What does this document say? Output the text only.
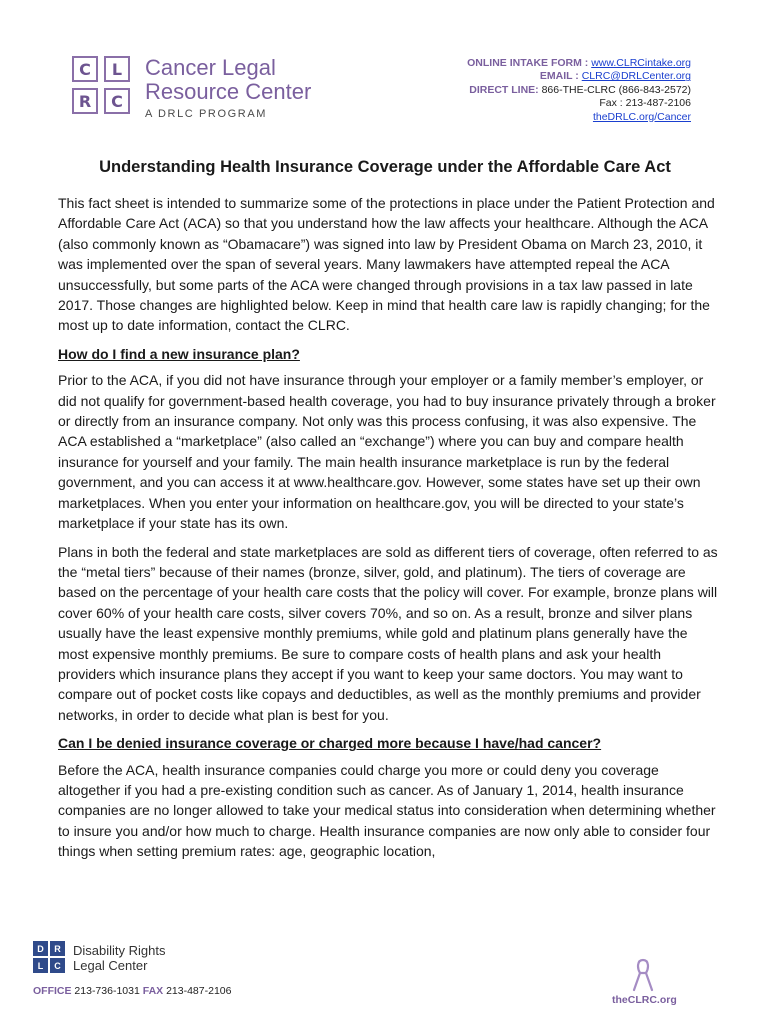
C	L
R	C
Cancer Legal
Resource Center
A DRLC PROGRAM
ONLINE INTAKE FORM : www.CLRCintake.org
EMAIL : CLRC@DRLCenter.org
DIRECT LINE: 866-THE-CLRC (866-843-2572)
Fax : 213-487-2106
theDRLC.org/Cancer
Understanding Health Insurance Coverage under the Affordable Care Act

This fact sheet is intended to summarize some of the protections in place under the Patient Protection and Affordable Care Act (ACA) so that you understand how the law affects your healthcare. Although the ACA (also commonly known as “Obamacare”) was signed into law by President Obama on March 23, 2010, it was implemented over the span of several years. Many lawmakers have attempted repeal the ACA unsuccessfully, but some parts of the ACA were changed through provisions in a tax law passed in late 2017. Those changes are highlighted below. Keep in mind that health care law is rapidly changing; for the most up to date information, contact the CLRC.

How do I find a new insurance plan?

Prior to the ACA, if you did not have insurance through your employer or a family member’s employer, or did not qualify for government-based health coverage, you had to buy insurance privately through a broker or directly from an insurance company. Not only was this process confusing, it was also expensive. The ACA established a “marketplace” (also called an “exchange”) where you can buy and compare health insurance for yourself and your family. The main health insurance marketplace is run by the federal government, and you can access it at www.healthcare.gov. However, some states have set up their own marketplaces. When you enter your information on healthcare.gov, you will be directed to your state’s marketplace if your state has its own.

Plans in both the federal and state marketplaces are sold as different tiers of coverage, often referred to as the “metal tiers” because of their names (bronze, silver, gold, and platinum). The tiers of coverage are based on the percentage of your health care costs that the policy will cover. For example, bronze plans will cover 60% of your health care costs, silver covers 70%, and so on. As a result, bronze and silver plans usually have the least expensive monthly premiums, while gold and platinum plans generally have the most expensive monthly premiums. Be sure to compare costs of health plans and ask your health providers which insurance plans they accept if you want to keep your same doctors. You may want to compare out of pocket costs like copays and deductibles, as well as the monthly premiums and provider networks, in order to decide what plan is best for you.

Can I be denied insurance coverage or charged more because I have/had cancer?

Before the ACA, health insurance companies could charge you more or could deny you coverage altogether if you had a pre-existing condition such as cancer. As of January 1, 2014, health insurance companies are no longer allowed to take your medical status into consideration when determining whether to insure you and/or how much to charge. Health insurance companies are now only able to consider four things when setting premium rates: age, geographic location,

D	R
L	C
Disability Rights
Legal Center
OFFICE 213-736-1031 FAX 213-487-2106
theCLRC.org
